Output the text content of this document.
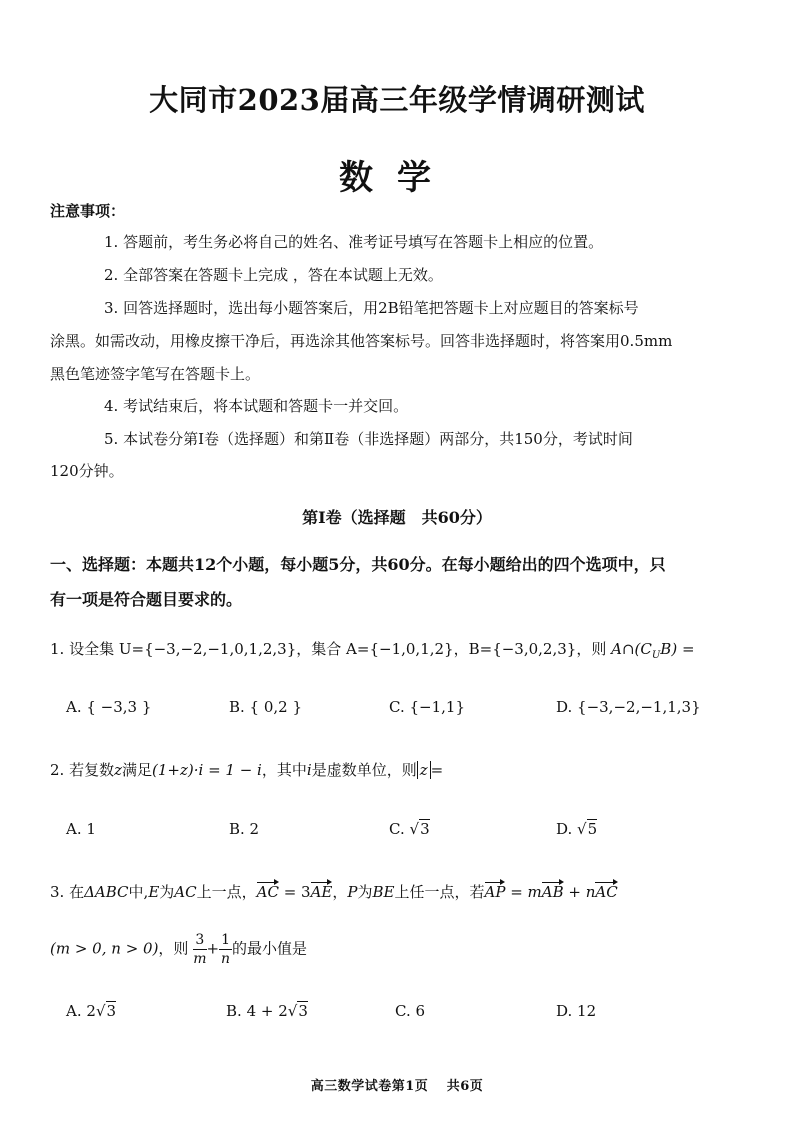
大同市2023届高三年级学情调研测试
数学
注意事项：
1. 答题前，考生务必将自己的姓名、准考证号填写在答题卡上相应的位置。
2. 全部答案在答题卡上完成 ，答在本试题上无效。
3. 回答选择题时，选出每小题答案后，用2B铅笔把答题卡上对应题目的答案标号
涂黑。如需改动，用橡皮擦干净后，再选涂其他答案标号。回答非选择题时，将答案用0.5mm
黑色笔迹签字笔写在答题卡上。
4. 考试结束后，将本试题和答题卡一并交回。
5. 本试卷分第Ⅰ卷（选择题）和第Ⅱ卷（非选择题）两部分，共150分，考试时间
120分钟。
第Ⅰ卷（选择题　共60分）
一、选择题：本题共12个小题，每小题5分，共60分。在每小题给出的四个选项中，只
有一项是符合题目要求的。
1. 设全集 U={−3,−2,−1,0,1,2,3}，集合 A={−1,0,1,2}，B={−3,0,2,3}，则 $A\cap(C_UB)$ =
A. { −3,3 }	B. { 0,2 }	C. {−1,1}	D. {−3,−2,−1,1,3}
2. 若复数z满足(1+z)·i = 1 − i，其中i是虚数单位，则 z =
A. 1	B. 2	C. √3	D. √5
3. 在ΔABC中,E为AC上一点，AC = 3AE，P为BE上任一点，若AP = mAB + nAC
(m > 0, n > 0)，则 $\frac{3}{m} + \frac{1}{n}$ 的最小值是
A. 2√3	B. 4 + 2√3	C. 6	D. 12
高三数学试卷第1页　 共6页
